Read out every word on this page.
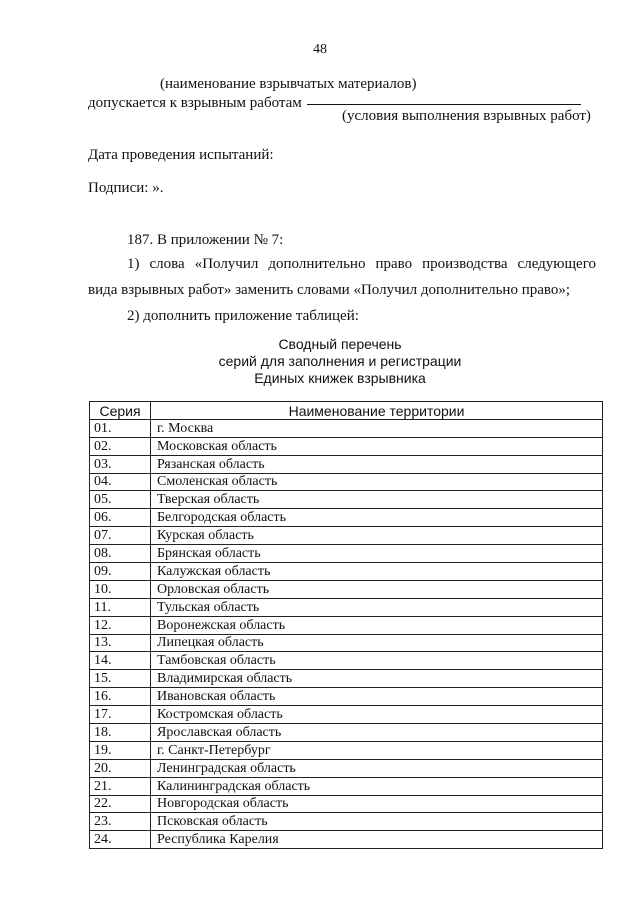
48
(наименование взрывчатых материалов)
допускается к взрывным работам
(условия выполнения взрывных работ)
Дата проведения испытаний:
Подписи: ».
187. В приложении № 7:
1) слова «Получил дополнительно право производства следующего
вида взрывных работ» заменить словами «Получил дополнительно право»;
2) дополнить приложение таблицей:
Сводный перечень
серий для заполнения и регистрации
Единых книжек взрывника
Серия	Наименование территории
01.	г. Москва
02.	Московская область
03.	Рязанская область
04.	Смоленская область
05.	Тверская область
06.	Белгородская область
07.	Курская область
08.	Брянская область
09.	Калужская область
10.	Орловская область
11.	Тульская область
12.	Воронежская область
13.	Липецкая область
14.	Тамбовская область
15.	Владимирская область
16.	Ивановская область
17.	Костромская область
18.	Ярославская область
19.	г. Санкт-Петербург
20.	Ленинградская область
21.	Калининградская область
22.	Новгородская область
23.	Псковская область
24.	Республика Карелия
